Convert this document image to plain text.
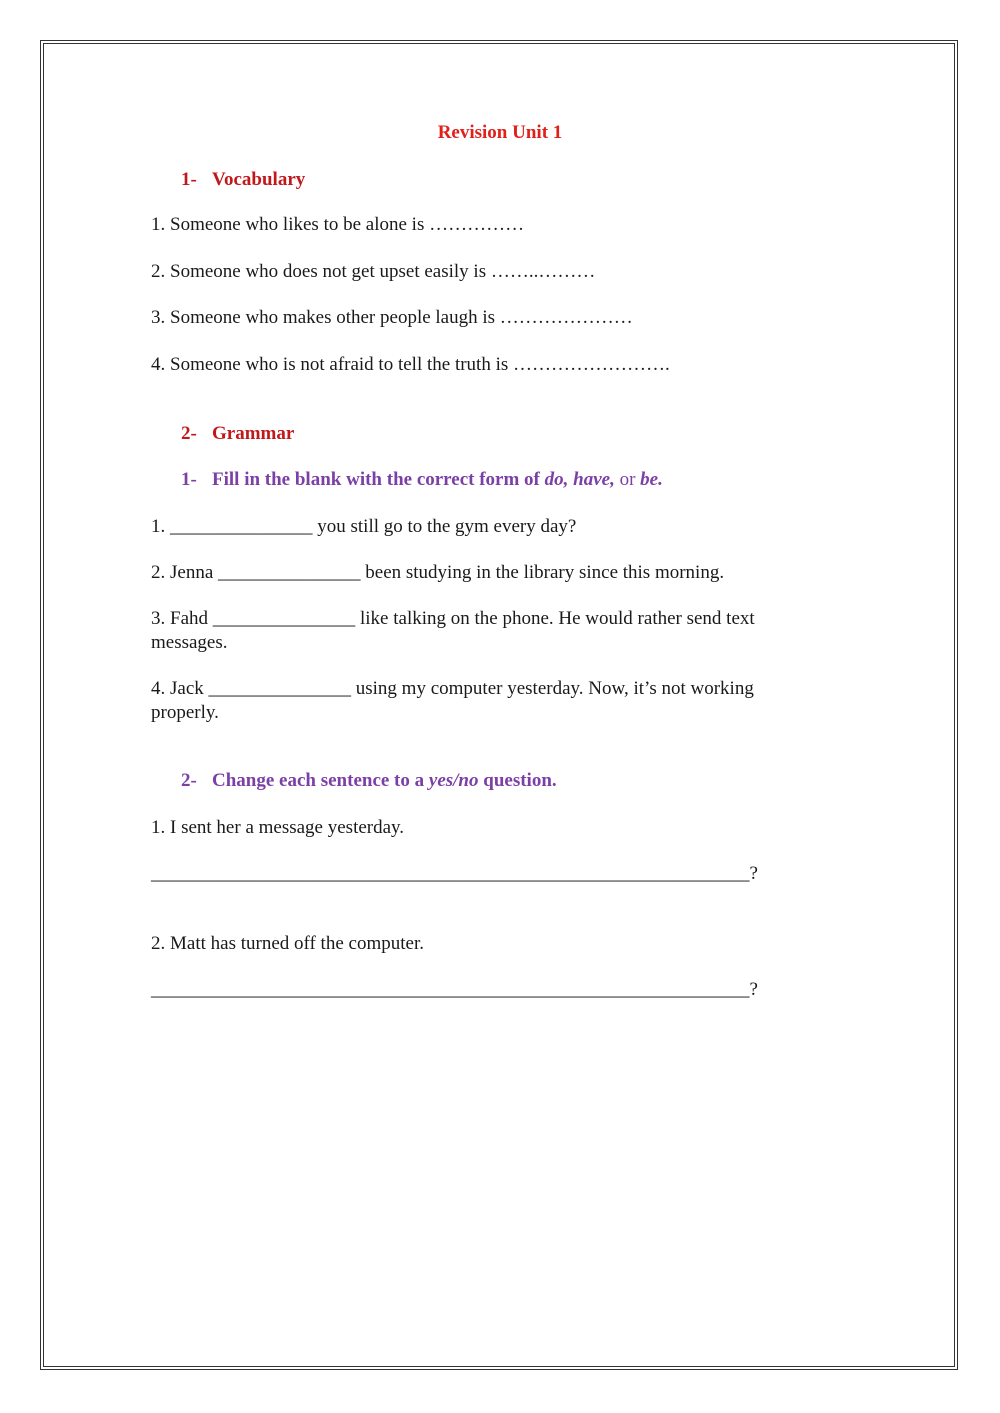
Revision Unit 1

1- Vocabulary

1. Someone who likes to be alone is ……………

2. Someone who does not get upset easily is ……..………

3. Someone who makes other people laugh is …………………

4. Someone who is not afraid to tell the truth is …………………….

2- Grammar

1- Fill in the blank with the correct form of do, have, or be.

1. _______________ you still go to the gym every day?

2. Jenna _______________ been studying in the library since this morning.

3. Fahd _______________ like talking on the phone. He would rather send text messages.

4. Jack _______________ using my computer yesterday. Now, it’s not working properly.

2- Change each sentence to a yes/no question.

1. I sent her a message yesterday.

_______________________________________________________________?

2. Matt has turned off the computer.

_______________________________________________________________?
